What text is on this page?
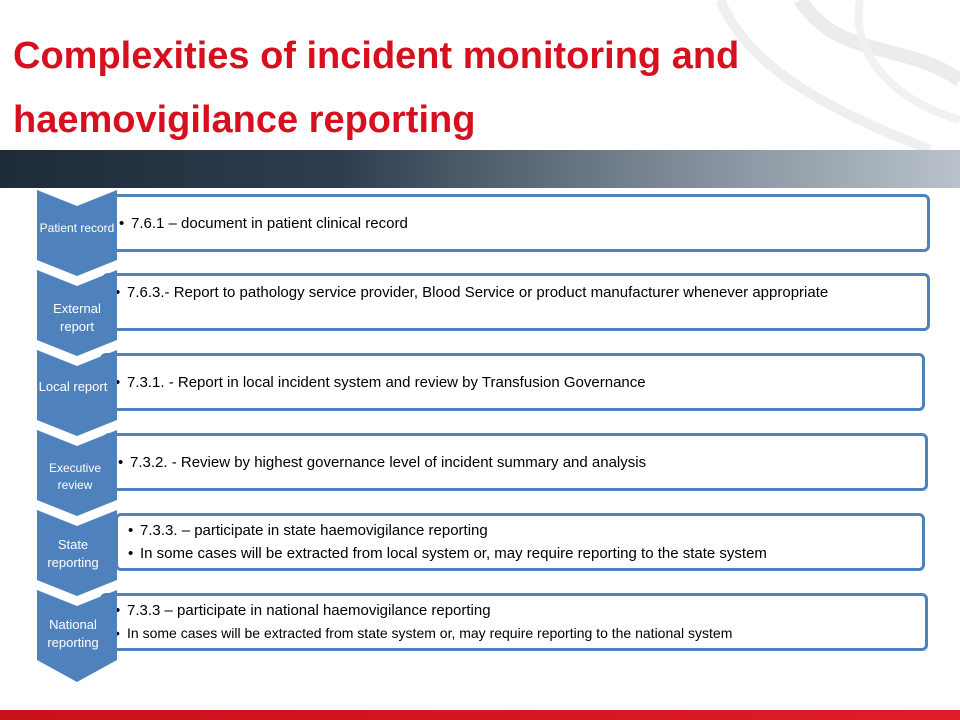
Complexities of incident monitoring and haemovigilance reporting
• 7.6.1 – document in patient clinical record
Patient record
• 7.6.3.- Report to pathology service provider, Blood Service or product manufacturer whenever appropriate
External report
• 7.3.1. - Report in local incident system and review by Transfusion Governance
Local report
• 7.3.2. - Review by highest governance level of incident summary and analysis
Executive review
• 7.3.3. – participate in state haemovigilance reporting
• In some cases will be extracted from local system or, may require reporting to the state system
State reporting
• 7.3.3 – participate in national haemovigilance reporting
• In some cases will be extracted from state system or, may require reporting to the national system
National reporting
